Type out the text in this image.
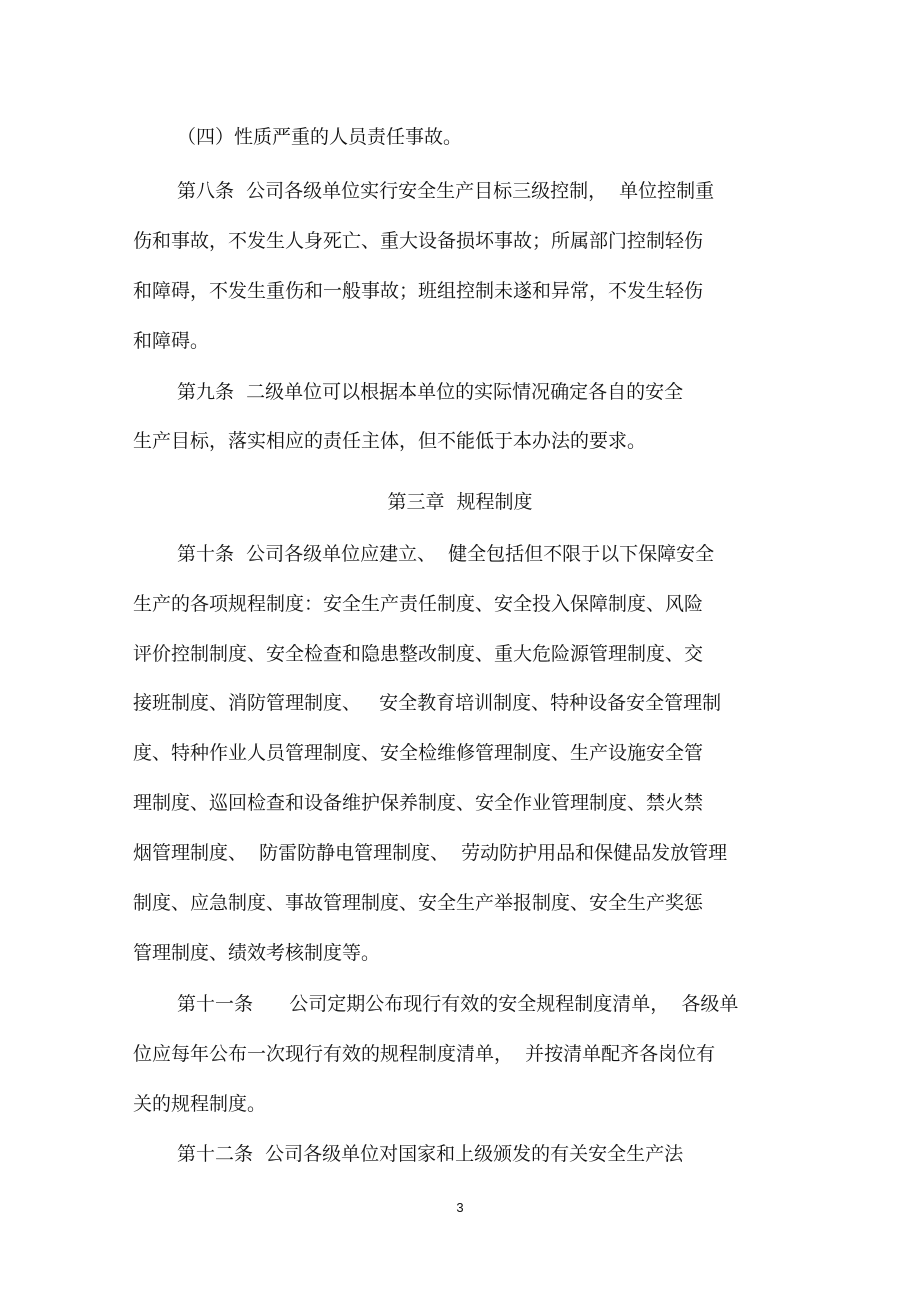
（四）性质严重的人员责任事故。
第八条  公司各级单位实行安全生产目标三级控制，  单位控制重
伤和事故，不发生人身死亡、重大设备损坏事故；所属部门控制轻伤
和障碍，不发生重伤和一般事故；班组控制未遂和异常，不发生轻伤
和障碍。
第九条  二级单位可以根据本单位的实际情况确定各自的安全
生产目标，落实相应的责任主体，但不能低于本办法的要求。
第三章  规程制度
第十条  公司各级单位应建立、  健全包括但不限于以下保障安全
生产的各项规程制度：安全生产责任制度、安全投入保障制度、风险
评价控制制度、安全检查和隐患整改制度、重大危险源管理制度、交
接班制度、消防管理制度、   安全教育培训制度、特种设备安全管理制
度、特种作业人员管理制度、安全检维修管理制度、生产设施安全管
理制度、巡回检查和设备维护保养制度、安全作业管理制度、禁火禁
烟管理制度、  防雷防静电管理制度、  劳动防护用品和保健品发放管理
制度、应急制度、事故管理制度、安全生产举报制度、安全生产奖惩
管理制度、绩效考核制度等。
第十一条      公司定期公布现行有效的安全规程制度清单，  各级单
位应每年公布一次现行有效的规程制度清单，  并按清单配齐各岗位有
关的规程制度。
第十二条  公司各级单位对国家和上级颁发的有关安全生产法
3
